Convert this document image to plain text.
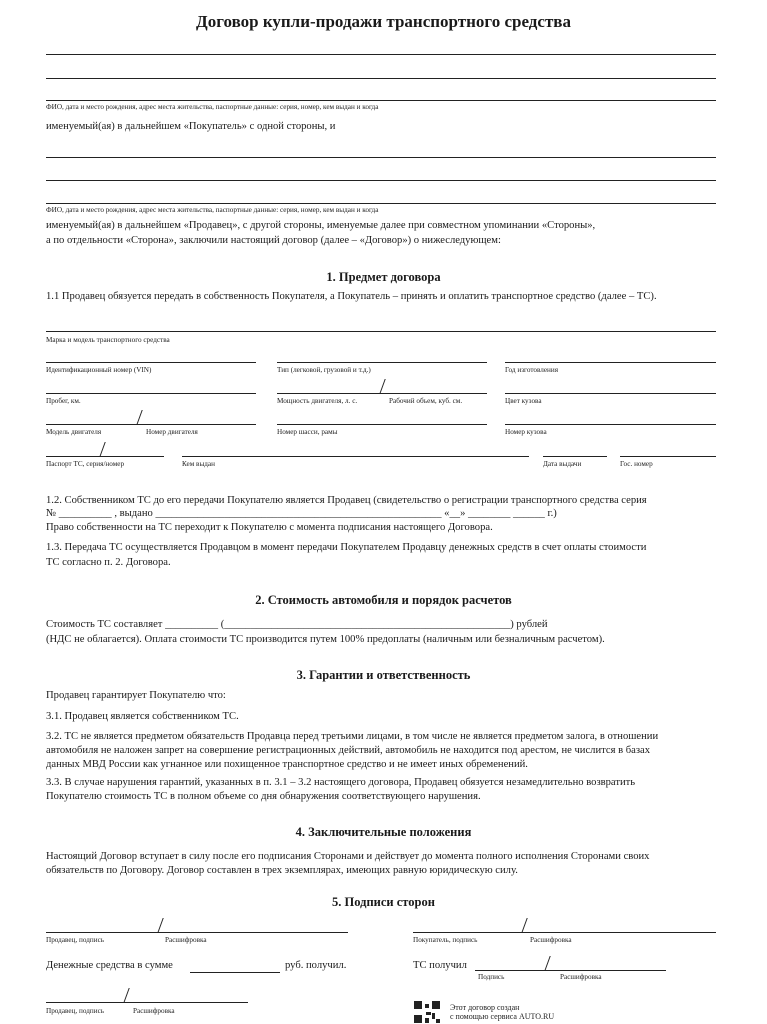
Договор купли-продажи транспортного средства
ФИО, дата и место рождения, адрес места жительства, паспортные данные: серия, номер, кем выдан и когда
именуемый(ая) в дальнейшем «Покупатель» с одной стороны, и
ФИО, дата и место рождения, адрес места жительства, паспортные данные: серия, номер, кем выдан и когда
именуемый(ая) в дальнейшем «Продавец», с другой стороны, именуемые далее при совместном упоминании «Стороны»,
а по отдельности «Сторона», заключили настоящий договор (далее – «Договор») о нижеследующем:
1. Предмет договора
1.1 Продавец обязуется передать в собственность Покупателя, а Покупатель – принять и оплатить транспортное средство (далее – ТС).
Марка и модель транспортного средства
Идентификационный номер (VIN)	Тип (легковой, грузовой и т.д.)	Год изготовления
Пробег, км.	Мощность двигателя, л. с.	Рабочий объем, куб. см.	Цвет кузова
Модель двигателя	Номер двигателя	Номер шасси, рамы	Номер кузова
Паспорт ТС, серия/номер	Кем выдан	Дата выдачи	Гос. номер
1.2. Собственником ТС до его передачи Покупателю является Продавец (свидетельство о регистрации транспортного средства серия
№ __________ , выдано ______________________________________________________ «__» ________ ______ г.)
Право собственности на ТС переходит к Покупателю с момента подписания настоящего Договора.
1.3. Передача ТС осуществляется Продавцом в момент передачи Покупателем Продавцу денежных средств в счет оплаты стоимости
ТС согласно п. 2. Договора.
2. Стоимость автомобиля и порядок расчетов
Стоимость ТС составляет __________ (______________________________________________________) рублей
(НДС не облагается). Оплата стоимости ТС производится путем 100% предоплаты (наличным или безналичным расчетом).
3. Гарантии и ответственность
Продавец гарантирует Покупателю что:
3.1. Продавец является собственником ТС.
3.2. ТС не является предметом обязательств Продавца перед третьими лицами, в том числе не является предметом залога, в отношении
автомобиля не наложен запрет на совершение регистрационных действий, автомобиль не находится под арестом, не числится в базах
данных МВД России как угнанное или похищенное транспортное средство и не имеет иных обременений.
3.3. В случае нарушения гарантий, указанных в п. 3.1 – 3.2 настоящего договора, Продавец обязуется незамедлительно возвратить
Покупателю стоимость ТС в полном объеме со дня обнаружения соответствующего нарушения.
4. Заключительные положения
Настоящий Договор вступает в силу после его подписания Сторонами и действует до момента полного исполнения Сторонами своих
обязательств по Договору. Договор составлен в трех экземплярах, имеющих равную юридическую силу.
5. Подписи сторон
Продавец, подпись	Расшифровка	Покупатель, подпись	Расшифровка
Денежные средства в сумме	руб. получил.	ТС получил
Подпись	Расшифровка
Продавец, подпись	Расшифровка	Этот договор создан
с помощью сервиса AUTO.RU
